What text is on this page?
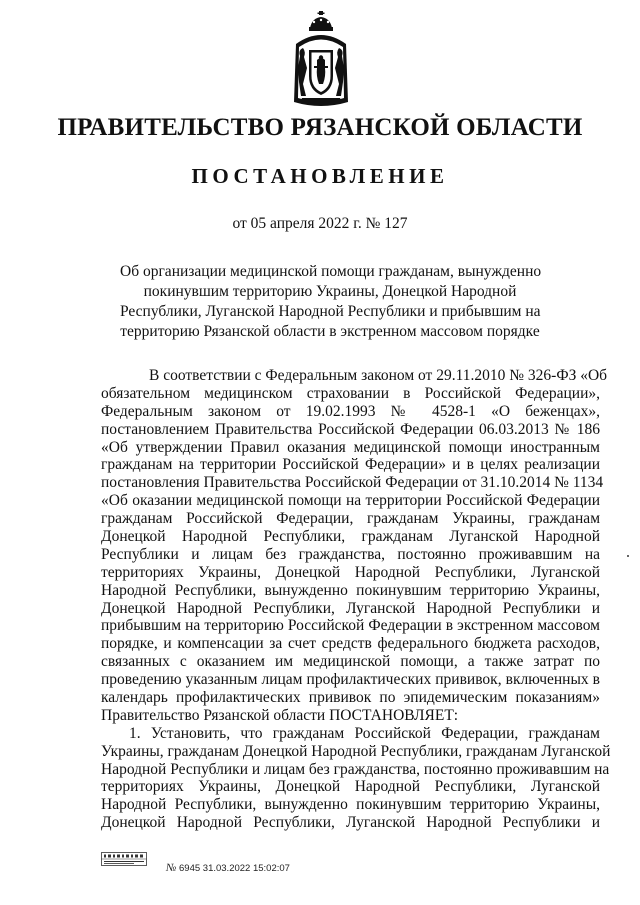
ПРАВИТЕЛЬСТВО РЯЗАНСКОЙ ОБЛАСТИ
ПОСТАНОВЛЕНИЕ
от 05 апреля 2022 г. № 127
Об организации медицинской помощи гражданам, вынужденно
покинувшим территорию Украины, Донецкой Народной
Республики, Луганской Народной Республики и прибывшим на
территорию Рязанской области в экстренном массовом порядке
В соответствии с Федеральным законом от 29.11.2010 № 326-ФЗ «Об
обязательном медицинском страховании в Российской Федерации»,
Федеральным законом от 19.02.1993 № 4528-1 «О беженцах»,
постановлением Правительства Российской Федерации 06.03.2013 № 186
«Об утверждении Правил оказания медицинской помощи иностранным
гражданам на территории Российской Федерации» и в целях реализации
постановления Правительства Российской Федерации от 31.10.2014 № 1134
«Об оказании медицинской помощи на территории Российской Федерации
гражданам Российской Федерации, гражданам Украины, гражданам
Донецкой Народной Республики, гражданам Луганской Народной
Республики и лицам без гражданства, постоянно проживавшим на
территориях Украины, Донецкой Народной Республики, Луганской
Народной Республики, вынужденно покинувшим территорию Украины,
Донецкой Народной Республики, Луганской Народной Республики и
прибывшим на территорию Российской Федерации в экстренном массовом
порядке, и компенсации за счет средств федерального бюджета расходов,
связанных с оказанием им медицинской помощи, а также затрат по
проведению указанным лицам профилактических прививок, включенных в
календарь профилактических прививок по эпидемическим показаниям»
Правительство Рязанской области ПОСТАНОВЛЯЕТ:
1. Установить, что гражданам Российской Федерации, гражданам
Украины, гражданам Донецкой Народной Республики, гражданам Луганской
Народной Республики и лицам без гражданства, постоянно проживавшим на
территориях Украины, Донецкой Народной Республики, Луганской
Народной Республики, вынужденно покинувшим территорию Украины,
Донецкой Народной Республики, Луганской Народной Республики и
№ 6945 31.03.2022 15:02:07
